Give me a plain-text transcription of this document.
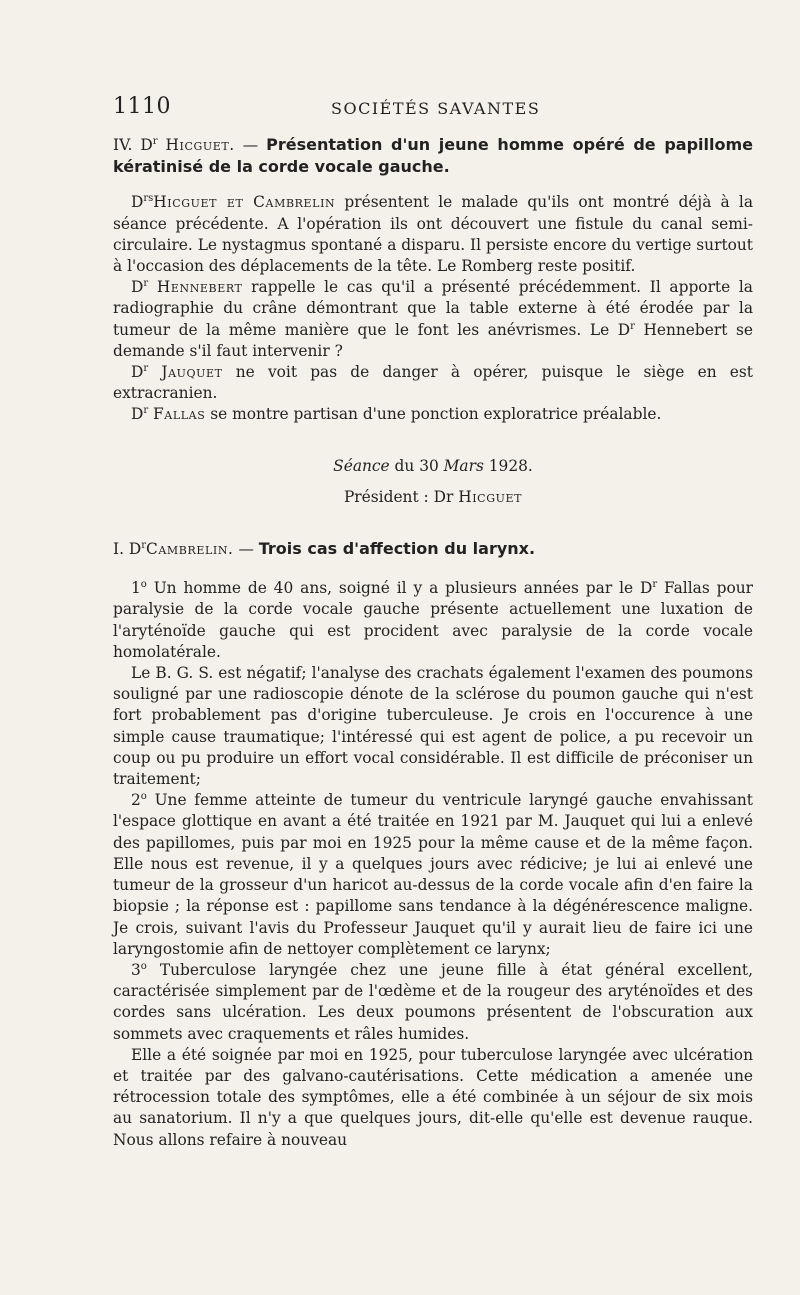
1110	SOCIÉTÉS SAVANTES

IV. $D^r$ Hicguet. — Présentation d'un jeune homme opéré de papillome kératinisé de la corde vocale gauche.

$D^{rs}Hicguet$ et Cambrelin présentent le malade qu'ils ont montré déjà à la séance précédente. A l'opération ils ont découvert une fistule du canal semi-circulaire. Le nystagmus spontané a disparu. Il persiste encore du vertige surtout à l'occasion des déplacements de la tête. Le Romberg reste positif.

$D^r$ Hennebert rappelle le cas qu'il a présenté précédemment. Il apporte la radiographie du crâne démontrant que la table externe à été érodée par la tumeur de la même manière que le font les anévrismes. Le $D^r$ Hennebert se demande s'il faut intervenir ?

$D^r$ Jauquet ne voit pas de danger à opérer, puisque le siège en est extracranien.

$D^r$ Fallas se montre partisan d'une ponction exploratrice préalable.

Séance du 30 Mars 1928.

Président : Dr Hicguet

I. $D^rCambrelin$. — Trois cas d'affection du larynx.

1$^o$ Un homme de 40 ans, soigné il y a plusieurs années par le $D^r$ Fallas pour paralysie de la corde vocale gauche présente actuellement une luxation de l'aryténoïde gauche qui est procident avec paralysie de la corde vocale homolatérale.

Le B. G. S. est négatif; l'analyse des crachats également l'examen des poumons souligné par une radioscopie dénote de la sclérose du poumon gauche qui n'est fort probablement pas d'origine tuberculeuse. Je crois en l'occurence à une simple cause traumatique; l'intéressé qui est agent de police, a pu recevoir un coup ou pu produire un effort vocal considérable. Il est difficile de préconiser un traitement;

2$^o$ Une femme atteinte de tumeur du ventricule laryngé gauche envahissant l'espace glottique en avant a été traitée en 1921 par M. Jauquet qui lui a enlevé des papillomes, puis par moi en 1925 pour la même cause et de la même façon. Elle nous est revenue, il y a quelques jours avec rédicive; je lui ai enlevé une tumeur de la grosseur d'un haricot au-dessus de la corde vocale afin d'en faire la biopsie ; la réponse est : papillome sans tendance à la dégénérescence maligne. Je crois, suivant l'avis du Professeur Jauquet qu'il y aurait lieu de faire ici une laryngostomie afin de nettoyer complètement ce larynx;

3$^o$ Tuberculose laryngée chez une jeune fille à état général excellent, caractérisée simplement par de l'œdème et de la rougeur des aryténoïdes et des cordes sans ulcération. Les deux poumons présentent de l'obscuration aux sommets avec craquements et râles humides.

Elle a été soignée par moi en 1925, pour tuberculose laryngée avec ulcération et traitée par des galvano-cautérisations. Cette médication a amenée une rétrocession totale des symptômes, elle a été combinée à un séjour de six mois au sanatorium. Il n'y a que quelques jours, dit-elle qu'elle est devenue rauque. Nous allons refaire à nouveau
